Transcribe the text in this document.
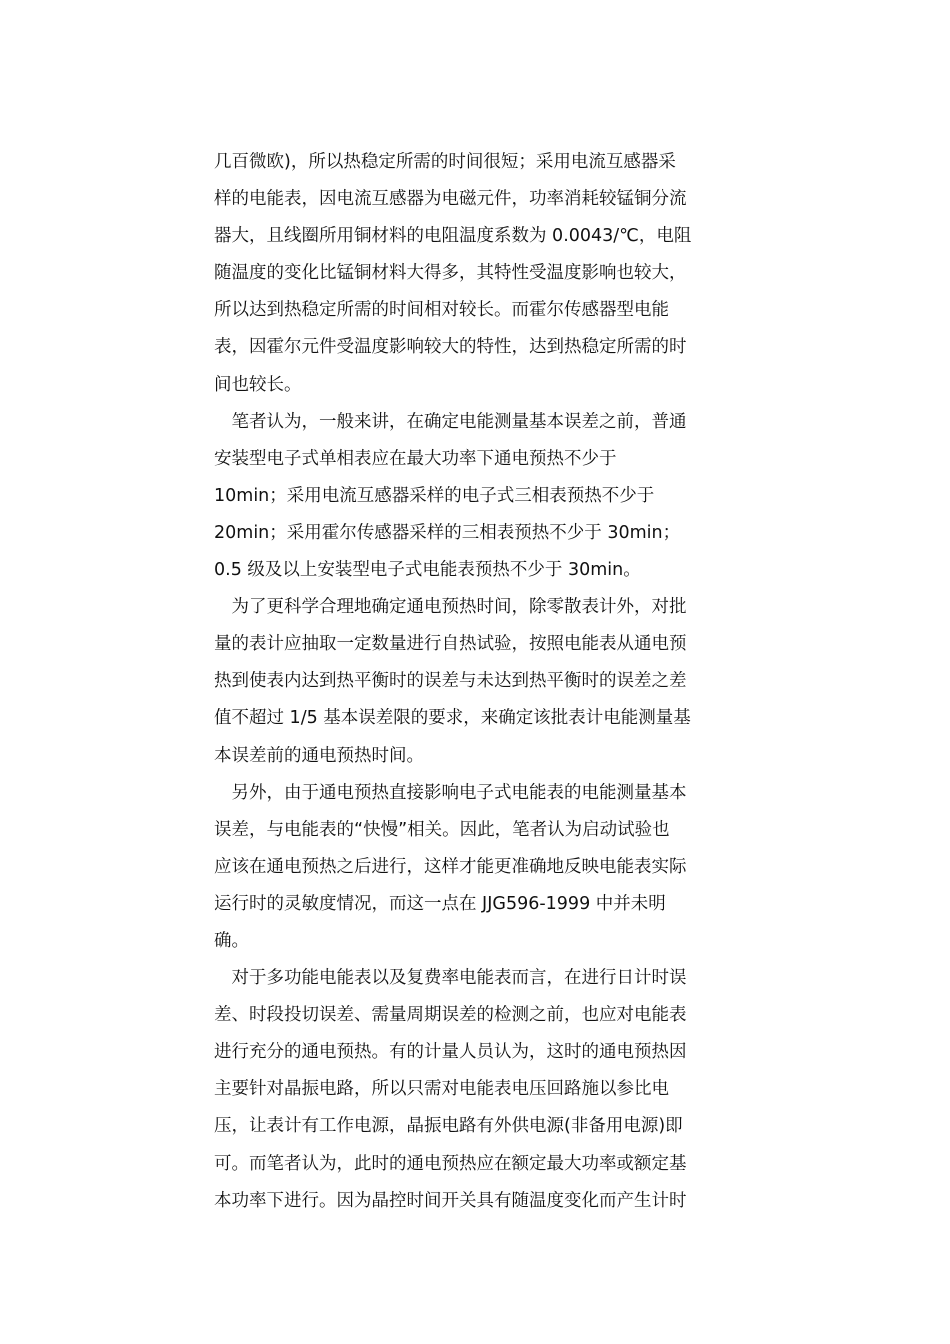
几百微欧)，所以热稳定所需的时间很短；采用电流互感器采
样的电能表，因电流互感器为电磁元件，功率消耗较锰铜分流
器大，且线圈所用铜材料的电阻温度系数为 0.0043/℃，电阻
随温度的变化比锰铜材料大得多，其特性受温度影响也较大，
所以达到热稳定所需的时间相对较长。而霍尔传感器型电能
表，因霍尔元件受温度影响较大的特性，达到热稳定所需的时
间也较长。

　笔者认为，一般来讲，在确定电能测量基本误差之前，普通
安装型电子式单相表应在最大功率下通电预热不少于
10min；采用电流互感器采样的电子式三相表预热不少于
20min；采用霍尔传感器采样的三相表预热不少于 30min；
0.5 级及以上安装型电子式电能表预热不少于 30min。

　为了更科学合理地确定通电预热时间，除零散表计外，对批
量的表计应抽取一定数量进行自热试验，按照电能表从通电预
热到使表内达到热平衡时的误差与未达到热平衡时的误差之差
值不超过 1/5 基本误差限的要求，来确定该批表计电能测量基
本误差前的通电预热时间。

　另外，由于通电预热直接影响电子式电能表的电能测量基本
误差，与电能表的“快慢”相关。因此，笔者认为启动试验也
应该在通电预热之后进行，这样才能更准确地反映电能表实际
运行时的灵敏度情况，而这一点在 JJG596-1999 中并未明
确。

　对于多功能电能表以及复费率电能表而言，在进行日计时误
差、时段投切误差、需量周期误差的检测之前，也应对电能表
进行充分的通电预热。有的计量人员认为，这时的通电预热因
主要针对晶振电路，所以只需对电能表电压回路施以参比电
压，让表计有工作电源，晶振电路有外供电源(非备用电源)即
可。而笔者认为，此时的通电预热应在额定最大功率或额定基
本功率下进行。因为晶控时间开关具有随温度变化而产生计时
